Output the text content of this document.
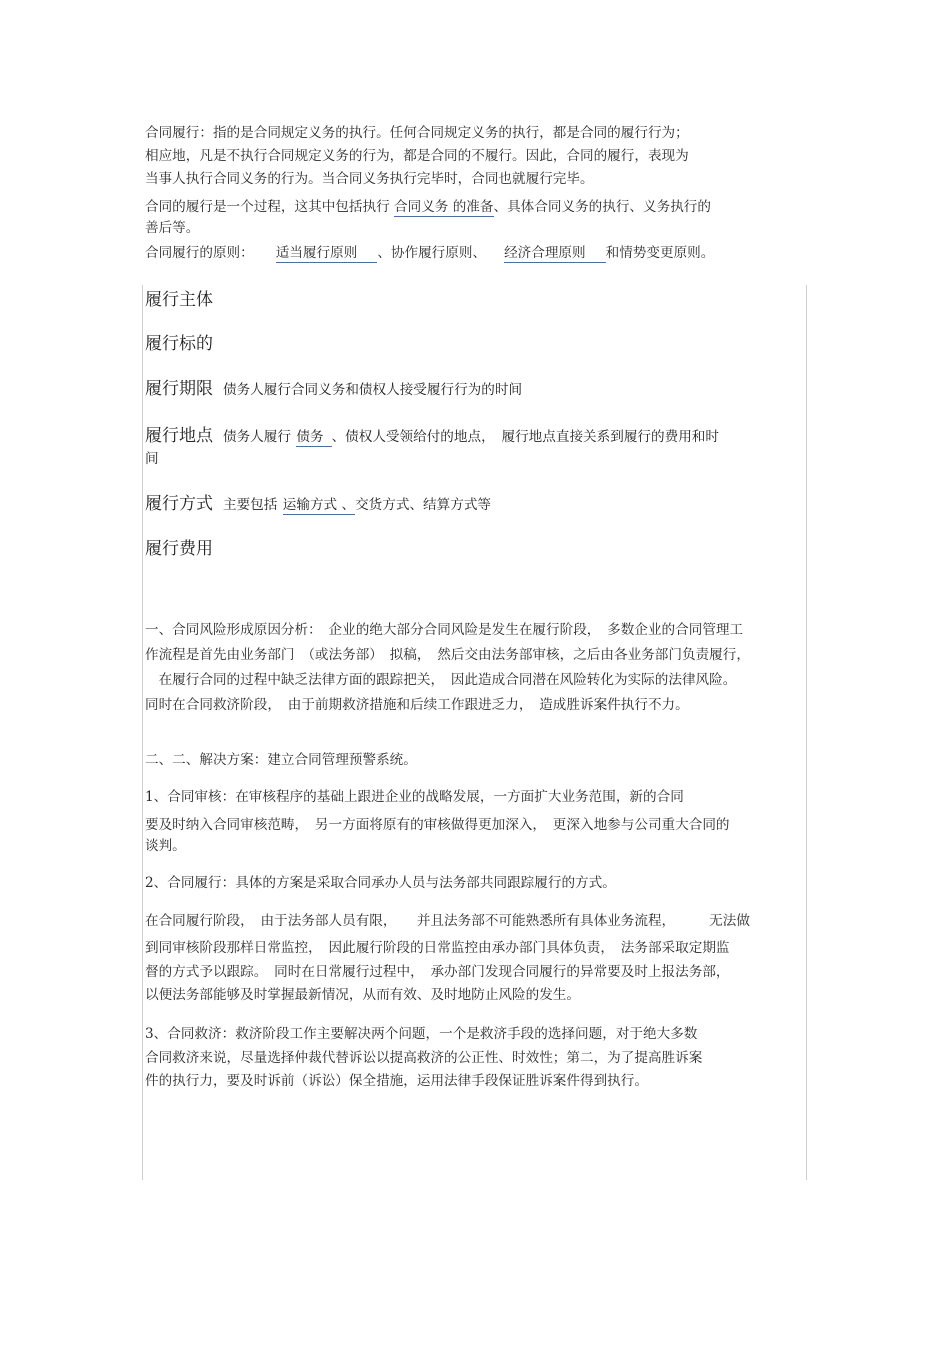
合同履行：指的是合同规定义务的执行。任何合同规定义务的执行，都是合同的履行行为；
相应地，凡是不执行合同规定义务的行为，都是合同的不履行。因此，合同的履行，表现为
当事人执行合同义务的行为。当合同义务执行完毕时，合同也就履行完毕。
合同的履行是一个过程，这其中包括执行 合同义务 的准备、具体合同义务的执行、义务执行的
善后等。
合同履行的原则： 适当履行原则 、协作履行原则、 经济合理原则 和情势变更原则。
履行主体
履行标的
履行期限 债务人履行合同义务和债权人接受履行行为的时间
履行地点 债务人履行 债务 、债权人受领给付的地点，　履行地点直接关系到履行的费用和时
间
履行方式 主要包括 运输方式 、交货方式、结算方式等
履行费用
一、合同风险形成原因分析：　企业的绝大部分合同风险是发生在履行阶段，　多数企业的合同管理工
作流程是首先由业务部门　（或法务部）　拟稿，　然后交由法务部审核，之后由各业务部门负责履行，
　在履行合同的过程中缺乏法律方面的跟踪把关，　因此造成合同潜在风险转化为实际的法律风险。
同时在合同救济阶段，　由于前期救济措施和后续工作跟进乏力，　造成胜诉案件执行不力。
二、二、解决方案：建立合同管理预警系统。
1、合同审核：在审核程序的基础上跟进企业的战略发展，一方面扩大业务范围，新的合同
要及时纳入合同审核范畴，　另一方面将原有的审核做得更加深入，　更深入地参与公司重大合同的
谈判。
2、合同履行：具体的方案是采取合同承办人员与法务部共同跟踪履行的方式。
在合同履行阶段，　由于法务部人员有限，　　并且法务部不可能熟悉所有具体业务流程，　　　无法做
到同审核阶段那样日常监控，　因此履行阶段的日常监控由承办部门具体负责，　法务部采取定期监
督的方式予以跟踪。　同时在日常履行过程中，　承办部门发现合同履行的异常要及时上报法务部，
以便法务部能够及时掌握最新情况，从而有效、及时地防止风险的发生。
3、合同救济：救济阶段工作主要解决两个问题，一个是救济手段的选择问题，对于绝大多数
合同救济来说，尽量选择仲裁代替诉讼以提高救济的公正性、时效性；第二，为了提高胜诉案
件的执行力，要及时诉前（诉讼）保全措施，运用法律手段保证胜诉案件得到执行。
